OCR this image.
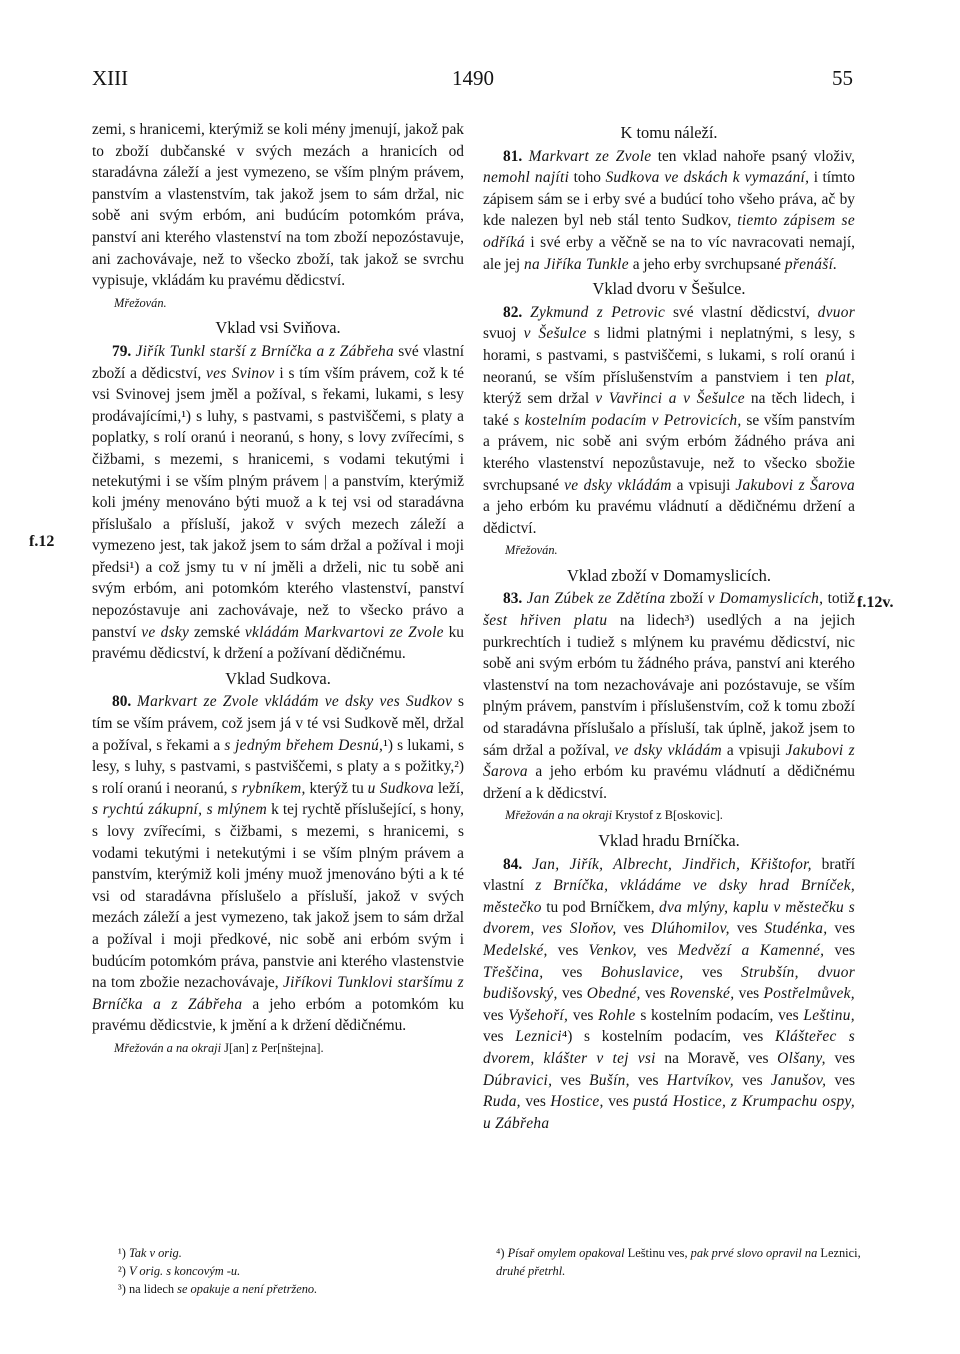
XIII	1490	55
f.12
f.12v.

zemi, s hranicemi, kterýmiž se koli mény jmenují, jakož pak to zboží dubčanské v svých mezách a hranicích od staradávna záleží a jest vymezeno, se vším plným právem, panstvím a vlastenstvím, tak jakož jsem to sám držal, nic sobě ani svým erbóm, ani budúcím potomkóm práva, panství ani kterého vlastenství na tom zboží nepozóstavuje, ani zachovávaje, než to všecko zboží, tak jakož se svrchu vypisuje, vkládám ku pravému dědicství.

Mřežován.
Vklad vsi Sviňova.

79. Jiřík Tunkl starší z Brníčka a z Zábřeha své vlastní zboží a dědicství, ves Svinov i s tím vším právem, což k té vsi Svinovej jsem jměl a požíval, s řekami, lukami, s lesy prodávajícími,¹) s luhy, s pastvami, s pastviščemi, s platy a poplatky, s rolí oranú i neoranú, s hony, s lovy zvířecími, s čižbami, s mezemi, s hranicemi, s vodami tekutými i netekutými i se vším plným právem | a panstvím, kterýmiž koli jmény menováno býti muož a k tej vsi od staradávna příslušalo a přísluší, jakož v svých mezech záleží a vymezeno jest, tak jakož jsem to sám držal a požíval i moji předsi¹) a což jsmy tu v ní jměli a drželi, nic tu sobě ani svým erbóm, ani potomkóm kterého vlastenství, panství nepozóstavuje ani zachovávaje, než to všecko právo a panství ve dsky zemské vkládám Markvartovi ze Zvole ku pravému dědicství, k držení a požívaní dědičnému.

Vklad Sudkova.

80. Markvart ze Zvole vkládám ve dsky ves Sudkov s tím se vším právem, což jsem já v té vsi Sudkově měl, držal a požíval, s řekami a s jedným břehem Desnú,¹) s lukami, s lesy, s luhy, s pastvami, s pastviščemi, s platy a s požitky,²) s rolí oranú i neoranú, s rybníkem, kterýž tu u Sudkova leží, s rychtú zákupní, s mlýnem k tej rychtě příslušející, s hony, s lovy zvířecími, s čižbami, s mezemi, s hranicemi, s vodami tekutými i netekutými i se vším plným právem a panstvím, kterýmiž koli jmény muož jmenováno býti a k té vsi od staradávna příslušelo a přísluší, jakož v svých mezách záleží a jest vymezeno, tak jakož jsem to sám držal a požíval i moji předkové, nic sobě ani erbóm svým i budúcím potomkóm práva, panstvie ani kterého vlastenstvie na tom zbožie nezachovávaje, Jiříkovi Tunklovi staršímu z Brníčka a z Zábřeha a jeho erbóm a potomkóm ku pravému dědicstvie, k jmění a k držení dědičnému.

Mřežován a na okraji J[an] z Per[nštejna].
K tomu náleží.

81. Markvart ze Zvole ten vklad nahoře psaný vloživ, nemohl najíti toho Sudkova ve dskách k vymazání, i tímto zápisem sám se i erby své a budúcí toho všeho práva, ač by kde nalezen byl neb stál tento Sudkov, tiemto zápisem se odříká i své erby a věčně se na to víc navracovati nemají, ale jej na Jiříka Tunkle a jeho erby svrchupsané přenáší.

Vklad dvoru v Šešulce.

82. Zykmund z Petrovic své vlastní dědicství, dvuor svuoj v Šešulce s lidmi platnými i neplatnými, s lesy, s horami, s pastvami, s pastviščemi, s lukami, s rolí oranú i neoranú, se vším příslušenstvím a panstviem i ten plat, kterýž sem držal v Vavřinci a v Šešulce na těch lidech, i také s kostelním podacím v Petrovicích, se vším panstvím a právem, nic sobě ani svým erbóm žádného práva ani kterého vlastenství nepozůstavuje, než to všecko sbožie svrchupsané ve dsky vkládám a vpisuji Jakubovi z Šarova a jeho erbóm ku pravému vládnutí a dědičnému držení a dědictví.

Mřežován.
Vklad zboží v Domamyslicích.

83. Jan Zúbek ze Zdětína zboží v Domamyslicích, totiž šest hřiven platu na lidech³) usedlých a na jejich purkrechtích i tudiež s mlýnem ku pravému dědicství, nic sobě ani svým erbóm tu žádného práva, panství ani kterého vlastenství na tom nezachovávaje ani pozóstavuje, se vším plným právem, panstvím i příslušenstvím, což k tomu zboží od staradávna příslušalo a přísluší, tak úplně, jakož jsem to sám držal a požíval, ve dsky vkládám a vpisuji Jakubovi z Šarova a jeho erbóm ku pravému vládnutí a dědičnému držení a k dědicství.

Mřežován a na okraji Krystof z B[oskovic].
Vklad hradu Brníčka.

84. Jan, Jiřík, Albrecht, Jindřich, Křištofor, bratří vlastní z Brníčka, vkládáme ve dsky hrad Brníček, městečko tu pod Brníčkem, dva mlýny, kaplu v městečku s dvorem, ves Sloňov, ves Dlúhomilov, ves Studénka, ves Medelské, ves Venkov, ves Medvězí a Kamenné, ves Třeščina, ves Bohuslavice, ves Strubšín, dvuor budišovský, ves Obedné, ves Rovenské, ves Postřelmůvek, ves Vyšehoří, ves Rohle s kostelním podacím, ves Leštinu, ves Leznici⁴) s kostelním podacím, ves Klášteřec s dvorem, klášter v tej vsi na Moravě, ves Olšany, ves Dúbravici, ves Bušín, ves Hartvíkov, ves Janušov, ves Ruda, ves Hostice, ves pustá Hostice, z Krumpachu ospy, u Zábřeha

¹) Tak v orig.

²) V orig. s koncovým -u.

³) na lidech se opakuje a není přetrženo.

⁴) Písař omylem opakoval Leštinu ves, pak prvé slovo opravil na Leznici, druhé přetrhl.
